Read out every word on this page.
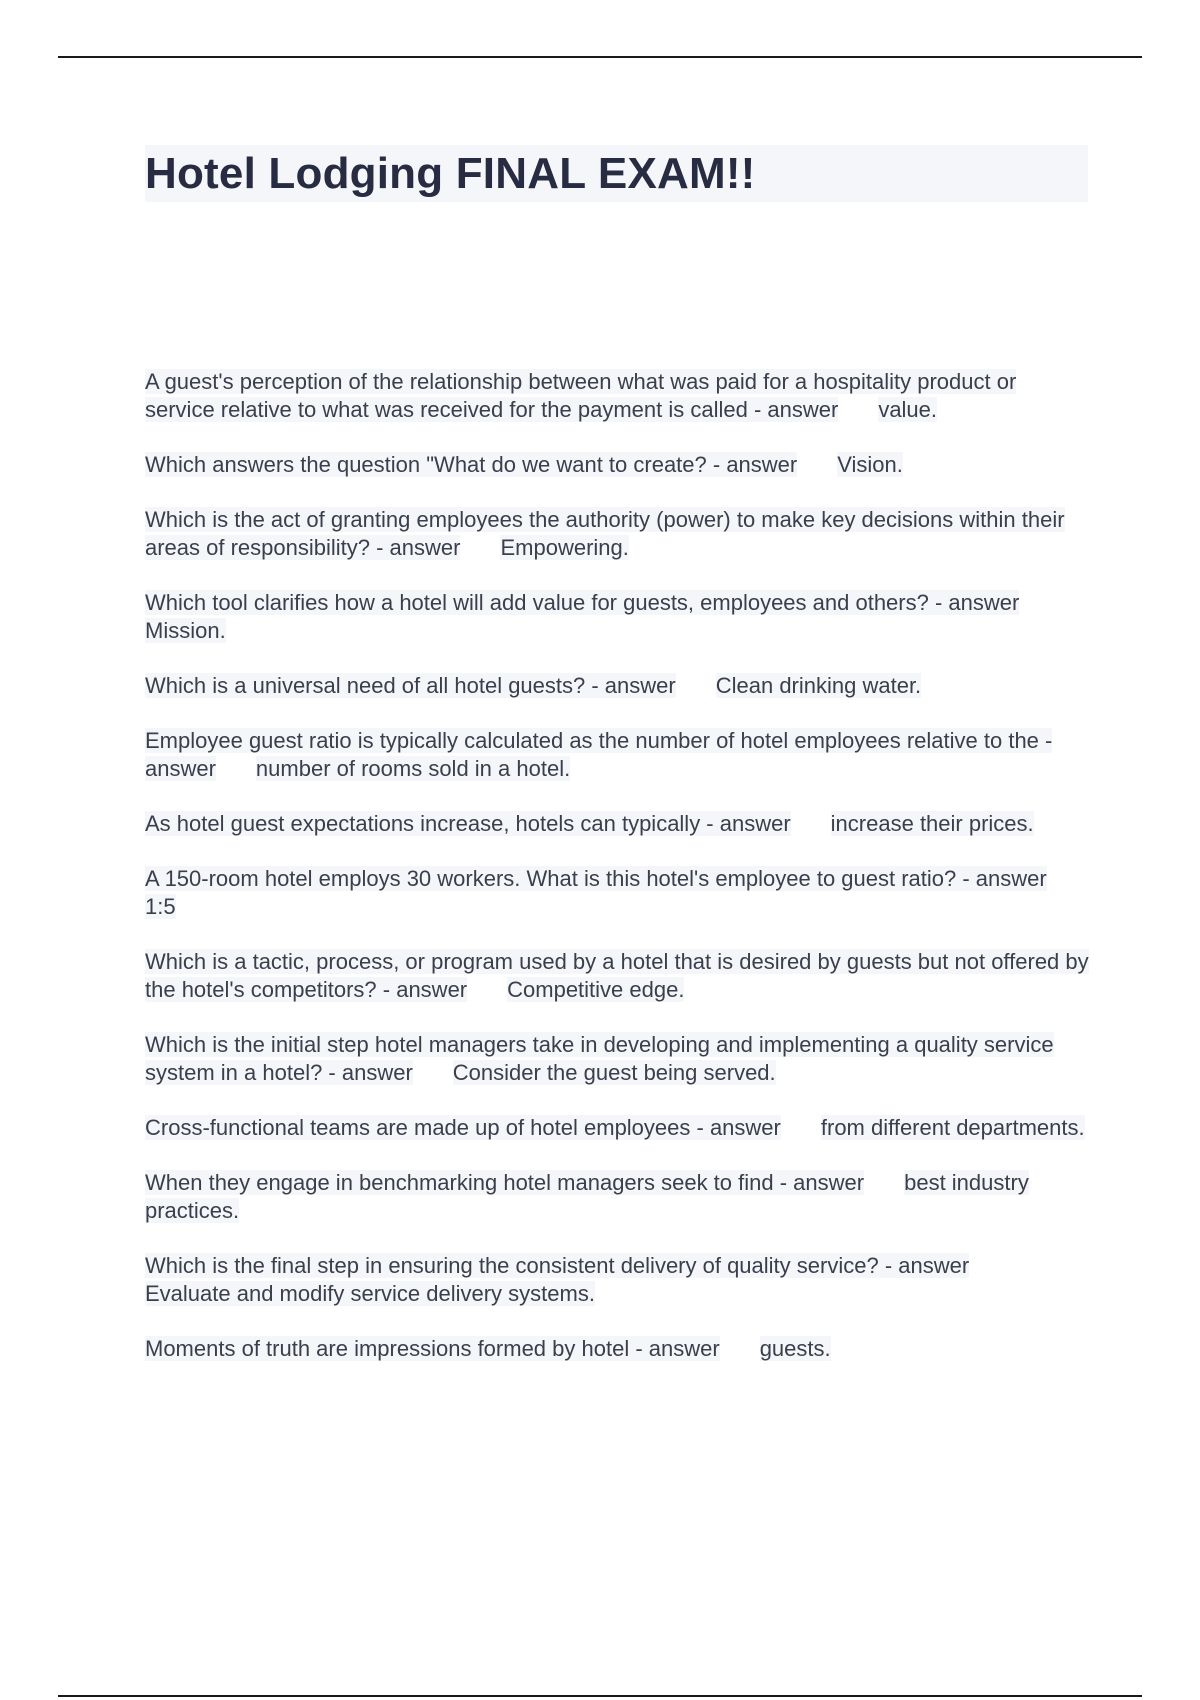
Hotel Lodging FINAL EXAM!!
A guest's perception of the relationship between what was paid for a hospitality product or service relative to what was received for the payment is called - answer value.
Which answers the question "What do we want to create? - answer Vision.
Which is the act of granting employees the authority (power) to make key decisions within their areas of responsibility? - answer Empowering.
Which tool clarifies how a hotel will add value for guests, employees and others? - answerMission.
Which is a universal need of all hotel guests? - answer Clean drinking water.
Employee guest ratio is typically calculated as the number of hotel employees relative to the - answer number of rooms sold in a hotel.
As hotel guest expectations increase, hotels can typically - answer increase their prices.
A 150-room hotel employs 30 workers. What is this hotel's employee to guest ratio? - answer1:5
Which is a tactic, process, or program used by a hotel that is desired by guests but not offered by the hotel's competitors? - answer Competitive edge.
Which is the initial step hotel managers take in developing and implementing a quality service system in a hotel? - answer Consider the guest being served.
Cross-functional teams are made up of hotel employees - answer from different departments.
When they engage in benchmarking hotel managers seek to find - answer best industry practices.
Which is the final step in ensuring the consistent delivery of quality service? - answerEvaluate and modify service delivery systems.
Moments of truth are impressions formed by hotel - answer guests.
